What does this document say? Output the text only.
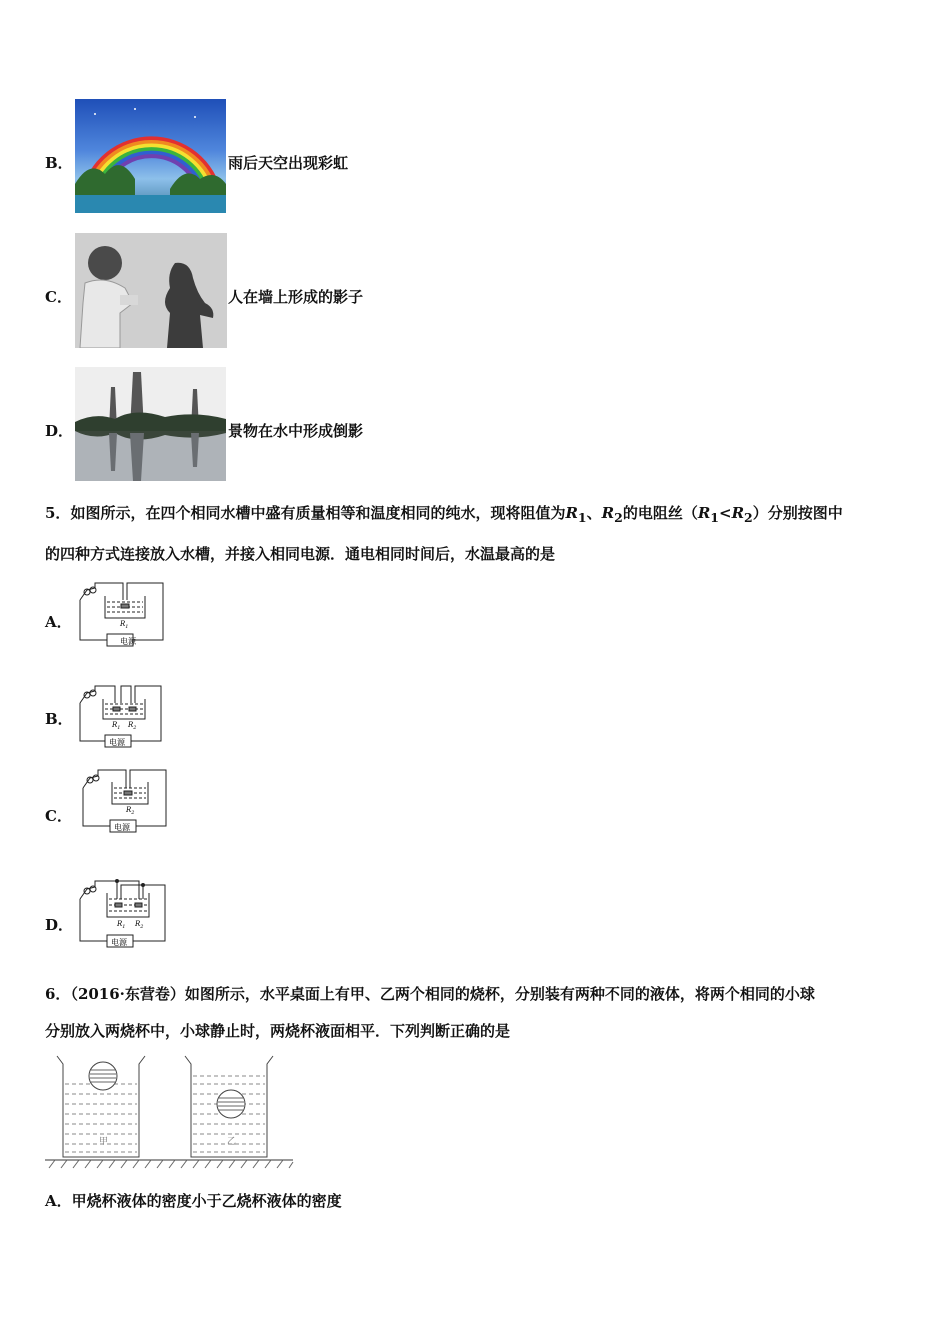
B．	雨后天空出现彩虹
C．	人在墙上形成的影子
D．	景物在水中形成倒影
5．如图所示，在四个相同水槽中盛有质量相等和温度相同的纯水，现将阻值为$R_1$、$R_2$的电阻丝$(R_1<R_2)$分别按图中
的四种方式连接放入水槽，并接入相同电源．通电相同时间后，水温最高的是
A．
电源
$R_1$
B．
电源
$R_1$ $R_2$
C．
电源
$R_2$
D．
电源
$R_1$ $R_2$
6．（2016·东营卷）如图所示，水平桌面上有甲、乙两个相同的烧杯，分别装有两种不同的液体，将两个相同的小球
分别放入两烧杯中，小球静止时，两烧杯液面相平．下列判断正确的是
甲	乙
A．甲烧杯液体的密度小于乙烧杯液体的密度
